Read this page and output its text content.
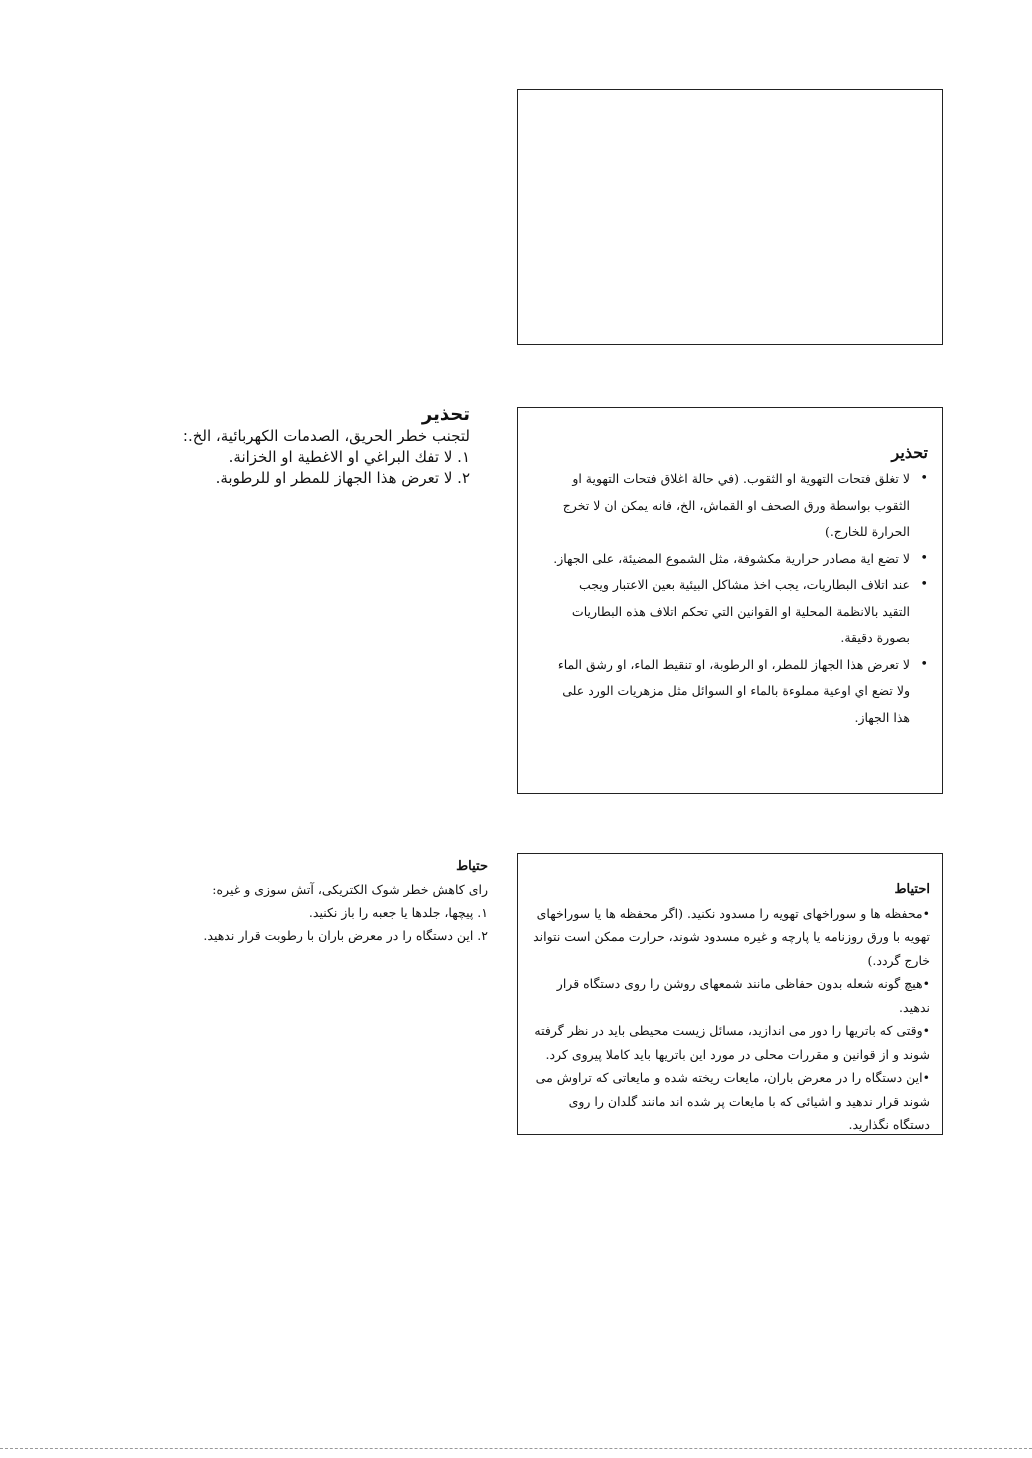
تحذير
لتجنب خطر الحريق، الصدمات الكهربائية، الخ.:
١. لا تفك البراغي او الاغطية او الخزانة.
٢. لا تعرض هذا الجهاز للمطر او للرطوبة.
تحذير
•
لا تغلق فتحات التهوية او الثقوب. (في حالة اغلاق فتحات التهوية او الثقوب بواسطة ورق الصحف او القماش، الخ، فانه يمكن ان لا تخرج الحرارة للخارج.)
•
لا تضع اية مصادر حرارية مكشوفة، مثل الشموع المضيئة، على الجهاز.
•
عند اتلاف البطاريات، يجب اخذ مشاكل البيئية بعين الاعتبار ويجب التقيد بالانظمة المحلية او القوانين التي تحكم اتلاف هذه البطاريات بصورة دقيقة.
•
لا تعرض هذا الجهاز للمطر، او الرطوبة، او تنقيط الماء، او رشق الماء ولا تضع اي اوعية مملوءة بالماء او السوائل مثل مزهريات الورد على هذا الجهاز.
حتياط
رای كاهش خطر شوک الكتريكی، آتش سوزی و غيره:
١. پيچها، جلدها يا جعبه را باز نكنيد.
٢. اين دستگاه را در معرض باران با رطوبت قرار ندهيد.
احتياط

•محفظه ها و سوراخهای تهويه را مسدود نكنيد. (اگر محفظه ها يا سوراخهای تهويه با ورق روزنامه يا پارچه و غيره مسدود شوند، حرارت ممكن است نتواند خارج گردد.)

•هيچ گونه شعله بدون حفاظی مانند شمعهای روشن را روی دستگاه قرار ندهيد.

•وقتی كه باتريها را دور می اندازيد، مسائل زيست محيطی بايد در نظر گرفته شوند و از قوانين و مقررات محلی در مورد اين باتريها بايد كاملا پيروی كرد.

•اين دستگاه را در معرض باران، مايعات ريخته شده و مايعاتی كه تراوش می شوند قرار ندهيد و اشيائی كه با مايعات پر شده اند مانند گلدان را روی دستگاه نگذاريد.
